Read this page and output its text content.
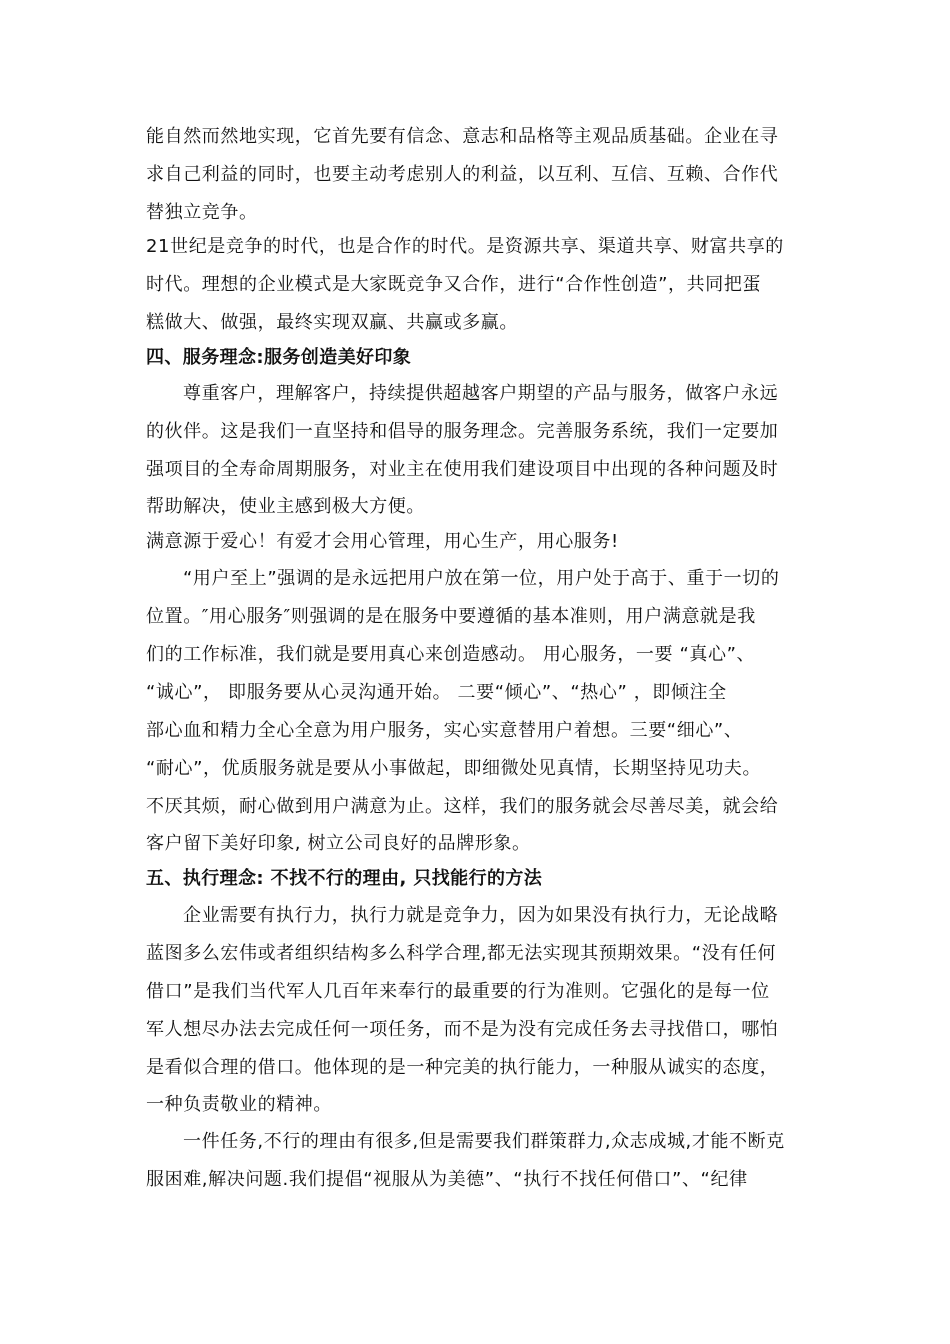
能自然而然地实现，它首先要有信念、意志和品格等主观品质基础。企业在寻
求自己利益的同时，也要主动考虑别人的利益，以互利、互信、互赖、合作代
替独立竞争。
21世纪是竞争的时代，也是合作的时代。是资源共享、渠道共享、财富共享的
时代。理想的企业模式是大家既竞争又合作，进行“合作性创造”，共同把蛋
糕做大、做强，最终实现双赢、共赢或多赢。
四、服务理念:服务创造美好印象
尊重客户，理解客户，持续提供超越客户期望的产品与服务，做客户永远
的伙伴。这是我们一直坚持和倡导的服务理念。完善服务系统，我们一定要加
强项目的全寿命周期服务，对业主在使用我们建设项目中出现的各种问题及时
帮助解决，使业主感到极大方便。
满意源于爱心！有爱才会用心管理，用心生产，用心服务!
“用户至上”强调的是永远把用户放在第一位，用户处于高于、重于一切的
位置。″用心服务″则强调的是在服务中要遵循的基本准则，用户满意就是我
们的工作标准，我们就是要用真心来创造感动。 用心服务，一要 “真心”、
“诚心”， 即服务要从心灵沟通开始。 二要“倾心”、“热心” ，即倾注全
部心血和精力全心全意为用户服务，实心实意替用户着想。三要“细心”、
“耐心”，优质服务就是要从小事做起，即细微处见真情，长期坚持见功夫。
不厌其烦，耐心做到用户满意为止。这样，我们的服务就会尽善尽美，就会给
客户留下美好印象, 树立公司良好的品牌形象。
五、执行理念: 不找不行的理由, 只找能行的方法
企业需要有执行力，执行力就是竞争力，因为如果没有执行力，无论战略
蓝图多么宏伟或者组织结构多么科学合理,都无法实现其预期效果。“没有任何
借口”是我们当代军人几百年来奉行的最重要的行为准则。它强化的是每一位
军人想尽办法去完成任何一项任务，而不是为没有完成任务去寻找借口，哪怕
是看似合理的借口。他体现的是一种完美的执行能力，一种服从诚实的态度，
一种负责敬业的精神。
一件任务,不行的理由有很多,但是需要我们群策群力,众志成城,才能不断克
服困难,解决问题.我们提倡“视服从为美德”、“执行不找任何借口”、“纪律
